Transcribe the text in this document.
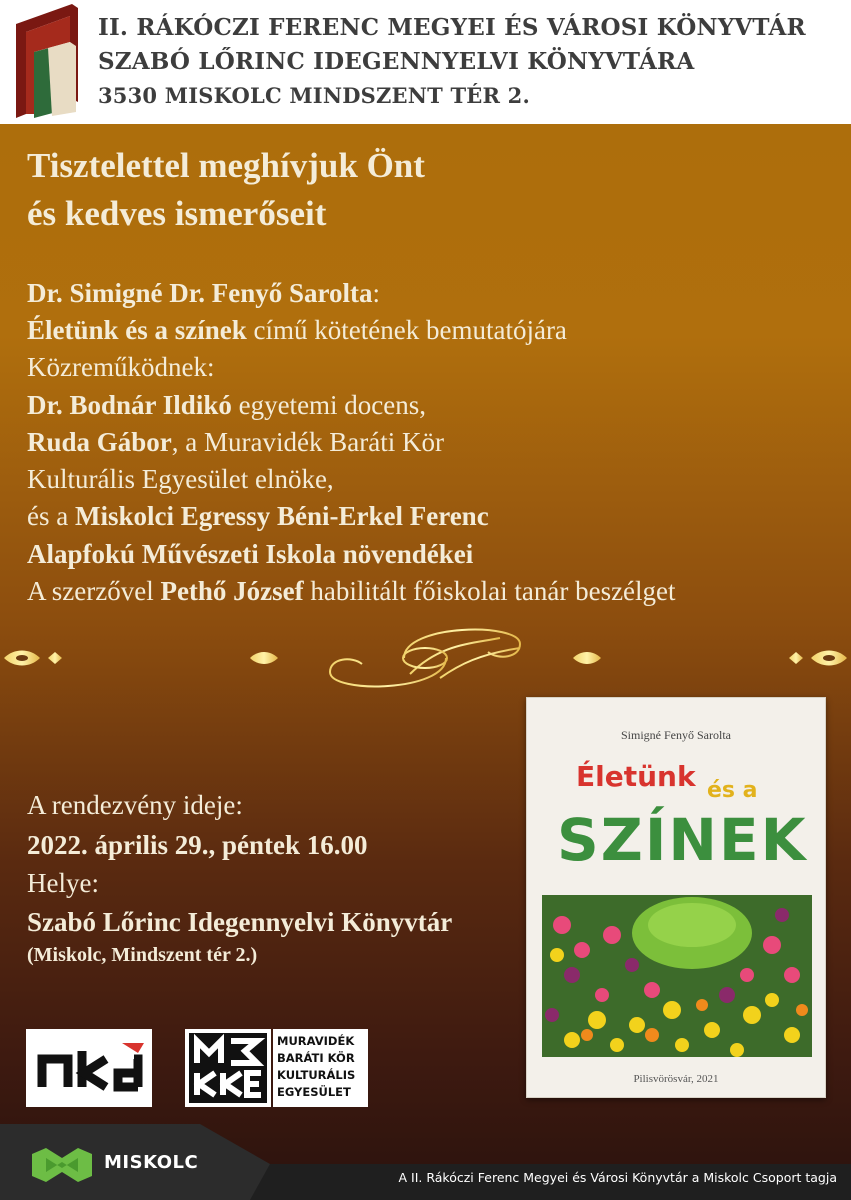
II. RÁKÓCZI FERENC MEGYEI ÉS VÁROSI KÖNYVTÁR
SZABÓ LŐRINC IDEGENNYELVI KÖNYVTÁRA
3530 MISKOLC MINDSZENT TÉR 2.
Tisztelettel meghívjuk Önt
és kedves ismerőseit
Dr. Simigné Dr. Fenyő Sarolta:
Életünk és a színek című kötetének bemutatójára
Közreműködnek:
Dr. Bodnár Ildikó egyetemi docens,
Ruda Gábor, a Muravidék Baráti Kör
Kulturális Egyesület elnöke,
és a Miskolci Egressy Béni-Erkel Ferenc
Alapfokú Művészeti Iskola növendékei
A szerzővel Pethő József habilitált főiskolai tanár beszélget
A rendezvény ideje:
2022. április 29., péntek 16.00
Helye:
Szabó Lőrinc Idegennyelvi Könyvtár
(Miskolc, Mindszent tér 2.)
Simigné Fenyő Sarolta
Életünk és a
SZÍNEK
Pilisvörösvár, 2021
MURAVIDÉK
BARÁTI KÖR
KULTURÁLIS
EGYESÜLET
MISKOLC
A II. Rákóczi Ferenc Megyei és Városi Könyvtár a Miskolc Csoport tagja
